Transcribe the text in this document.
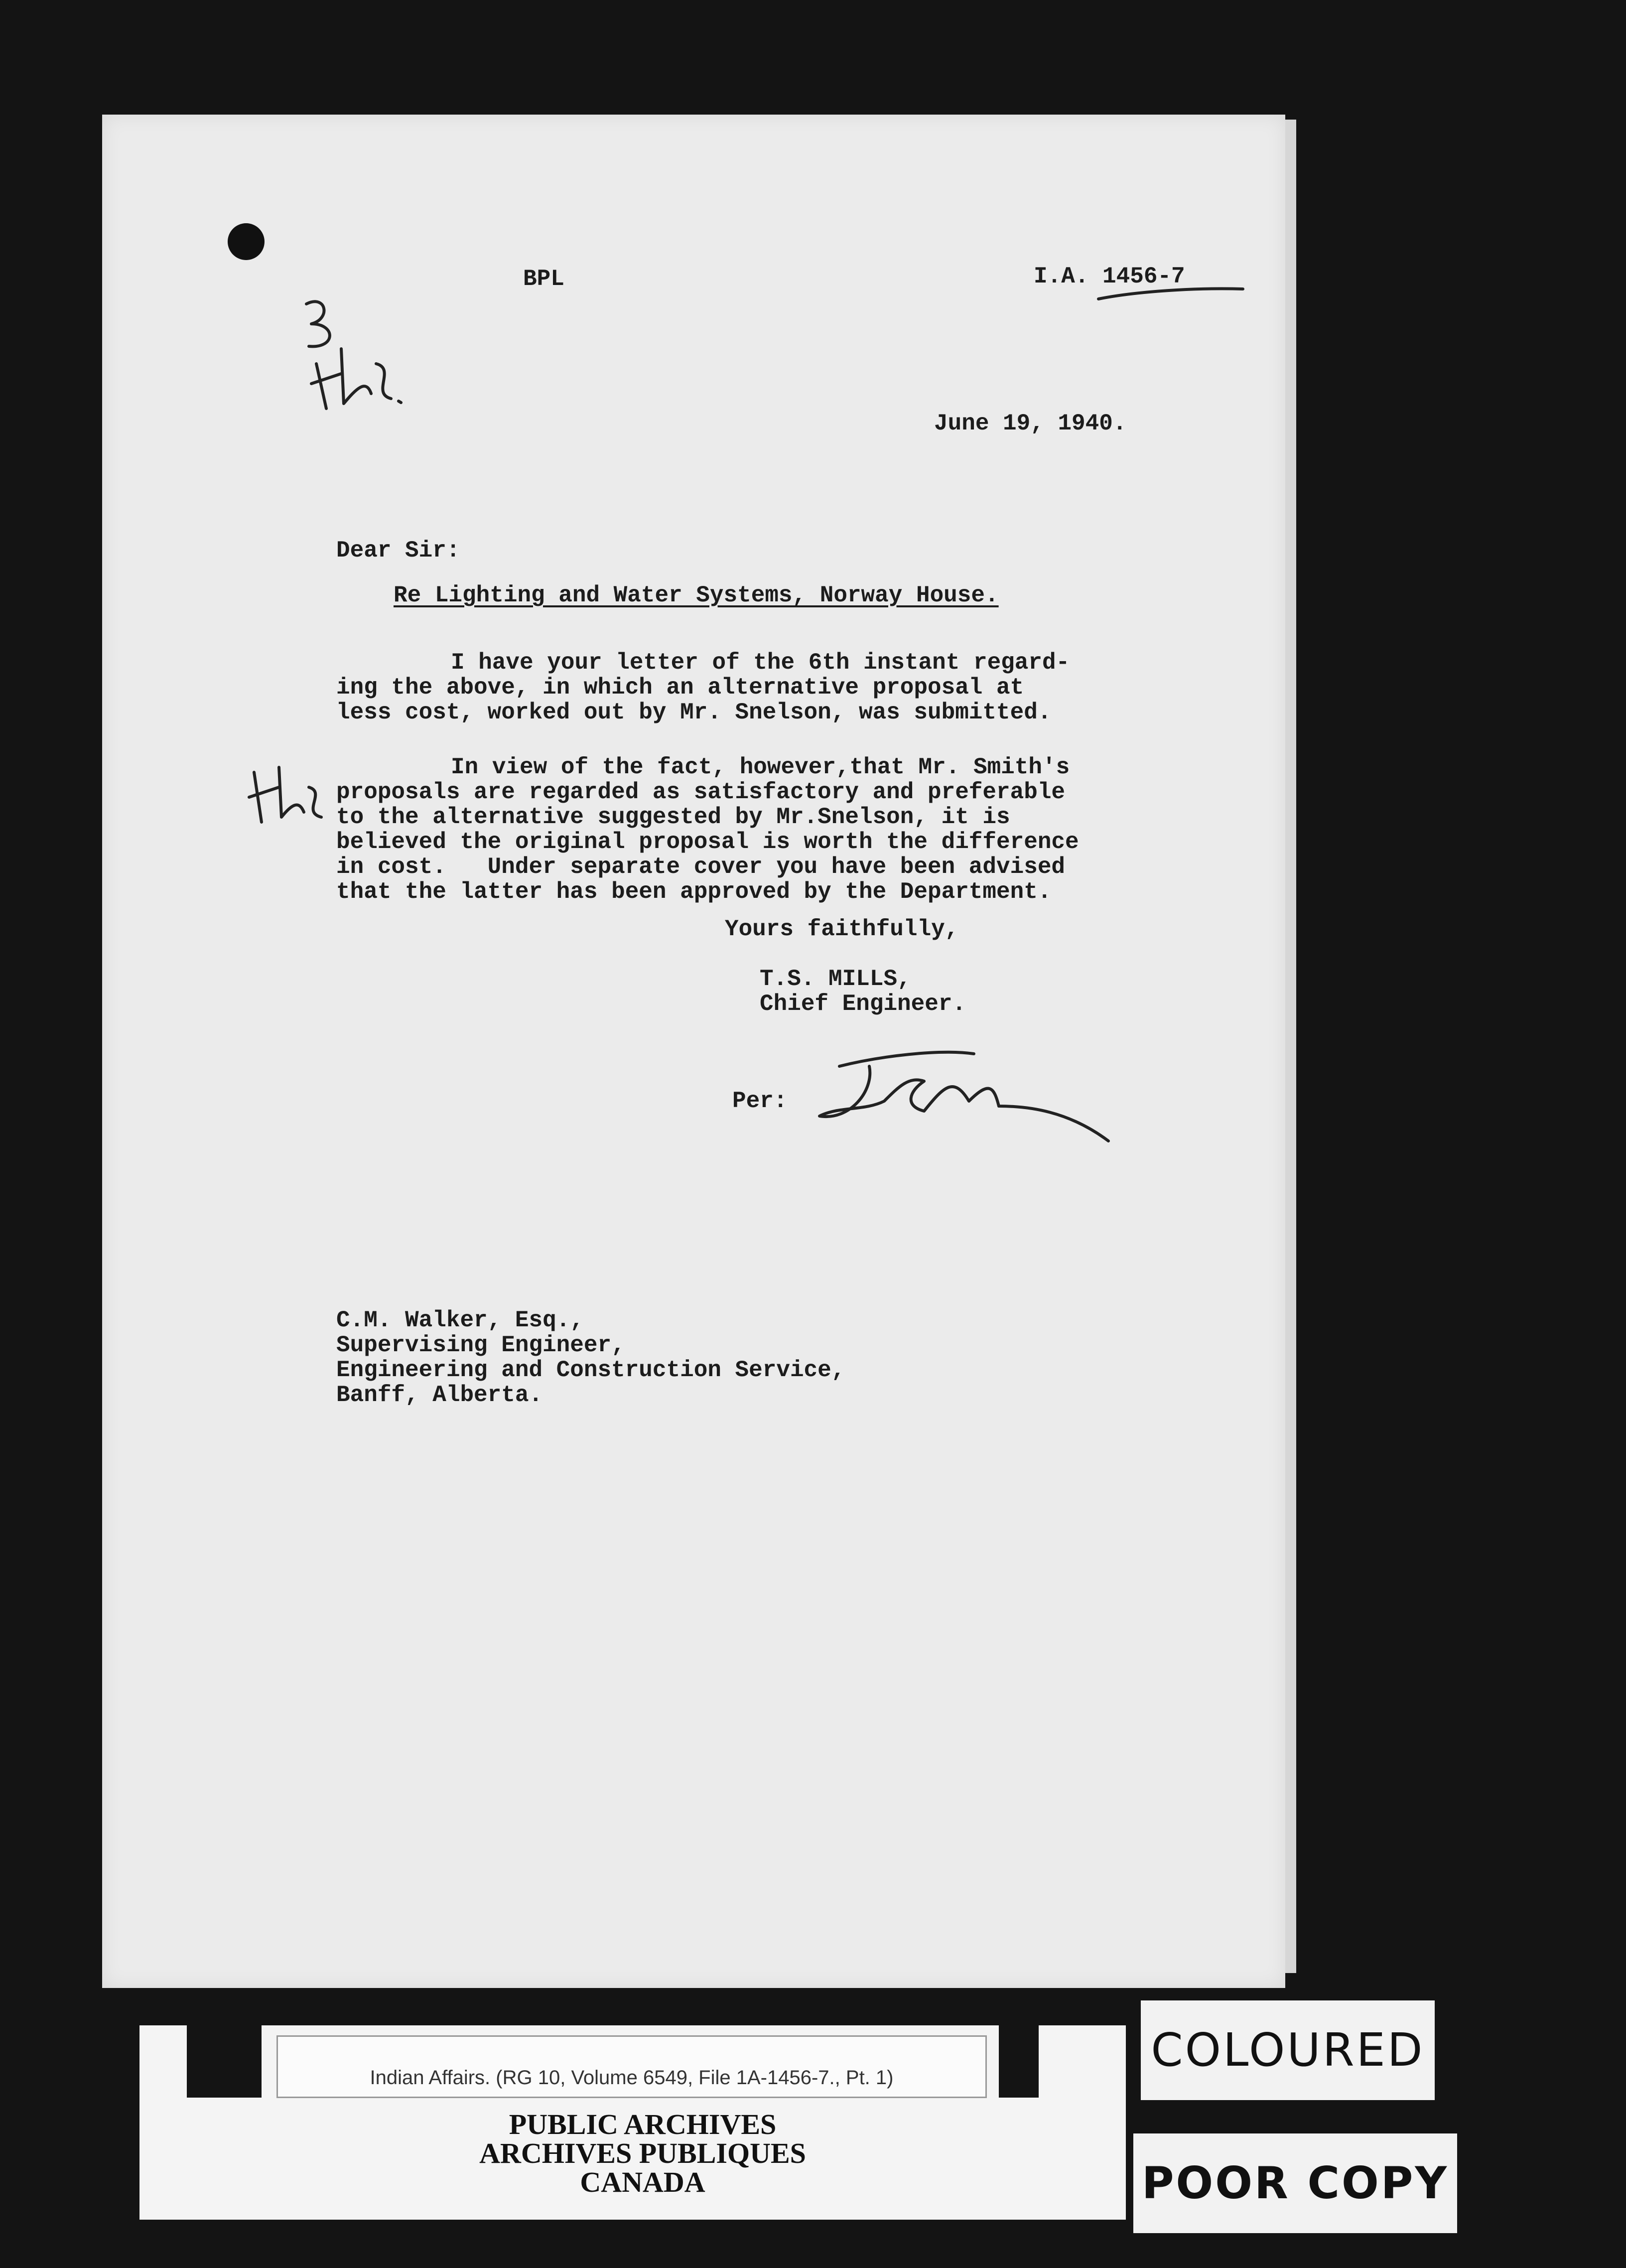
BPL	I.A. 1456-7

June 19, 1940.

Dear Sir:

Re Lighting and Water Systems, Norway House.

I have your letter of the 6th instant regard-

ing the above, in which an alternative proposal at

less cost, worked out by Mr. Snelson, was submitted.

In view of the fact, however,that Mr. Smith's

proposals are regarded as satisfactory and preferable

to the alternative suggested by Mr.Snelson, it is

believed the original proposal is worth the difference

in cost.   Under separate cover you have been advised

that the latter has been approved by the Department.

Yours faithfully,

T.S. MILLS,

Chief Engineer.

Per:

C.M. Walker, Esq.,

Supervising Engineer,

Engineering and Construction Service,

Banff, Alberta.

Indian Affairs. (RG 10, Volume 6549, File 1A-1456-7., Pt. 1)
PUBLIC ARCHIVES
ARCHIVES PUBLIQUES
CANADA
COLOURED
POOR COPY
